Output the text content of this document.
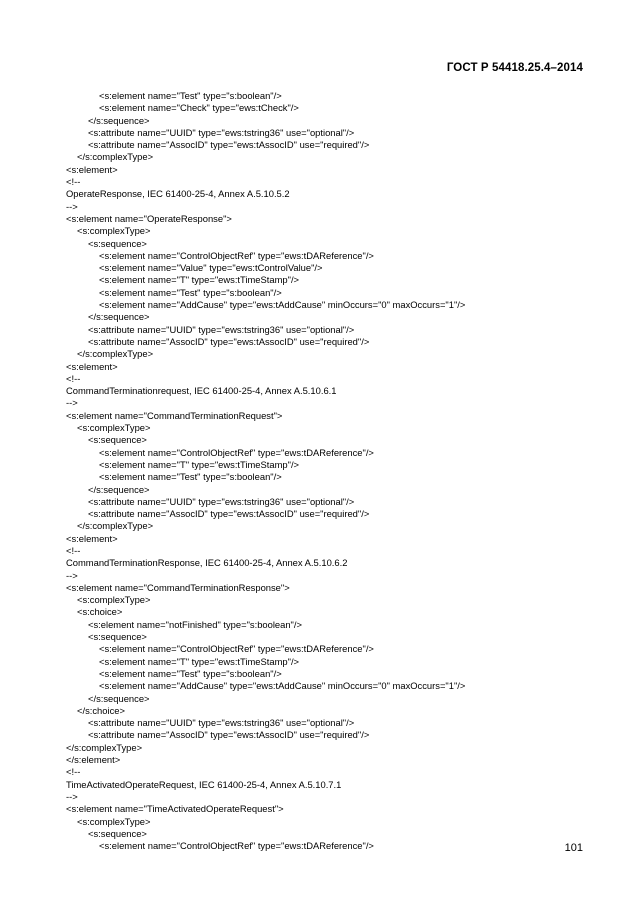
ГОСТ Р 54418.25.4–2014
<s:element name="Test" type="s:boolean"/>
<s:element name="Check" type="ews:tCheck"/>
</s:sequence>
<s:attribute name="UUID" type="ews:tstring36" use="optional"/>
<s:attribute name="AssocID" type="ews:tAssocID" use="required"/>
</s:complexType>
<s:element>
<!--
OperateResponse, IEC 61400-25-4, Annex A.5.10.5.2
-->
<s:element name="OperateResponse">
<s:complexType>
<s:sequence>
<s:element name="ControlObjectRef" type="ews:tDAReference"/>
<s:element name="Value" type="ews:tControlValue"/>
<s:element name="T" type="ews:tTimeStamp"/>
<s:element name="Test" type="s:boolean"/>
<s:element name="AddCause" type="ews:tAddCause" minOccurs="0" maxOccurs="1"/>
</s:sequence>
<s:attribute name="UUID" type="ews:tstring36" use="optional"/>
<s:attribute name="AssocID" type="ews:tAssocID" use="required"/>
</s:complexType>
<s:element>
<!--
CommandTerminationrequest, IEC 61400-25-4, Annex A.5.10.6.1
-->
<s:element name="CommandTerminationRequest">
<s:complexType>
<s:sequence>
<s:element name="ControlObjectRef" type="ews:tDAReference"/>
<s:element name="T" type="ews:tTimeStamp"/>
<s:element name="Test" type="s:boolean"/>
</s:sequence>
<s:attribute name="UUID" type="ews:tstring36" use="optional"/>
<s:attribute name="AssocID" type="ews:tAssocID" use="required"/>
</s:complexType>
<s:element>
<!--
CommandTerminationResponse, IEC 61400-25-4, Annex A.5.10.6.2
-->
<s:element name="CommandTerminationResponse">
<s:complexType>
<s:choice>
<s:element name="notFinished" type="s:boolean"/>
<s:sequence>
<s:element name="ControlObjectRef" type="ews:tDAReference"/>
<s:element name="T" type="ews:tTimeStamp"/>
<s:element name="Test" type="s:boolean"/>
<s:element name="AddCause" type="ews:tAddCause" minOccurs="0" maxOccurs="1"/>
</s:sequence>
</s:choice>
<s:attribute name="UUID" type="ews:tstring36" use="optional"/>
<s:attribute name="AssocID" type="ews:tAssocID" use="required"/>
</s:complexType>
</s:element>
<!--
TimeActivatedOperateRequest, IEC 61400-25-4, Annex A.5.10.7.1
-->
<s:element name="TimeActivatedOperateRequest">
<s:complexType>
<s:sequence>
<s:element name="ControlObjectRef" type="ews:tDAReference"/>	101
